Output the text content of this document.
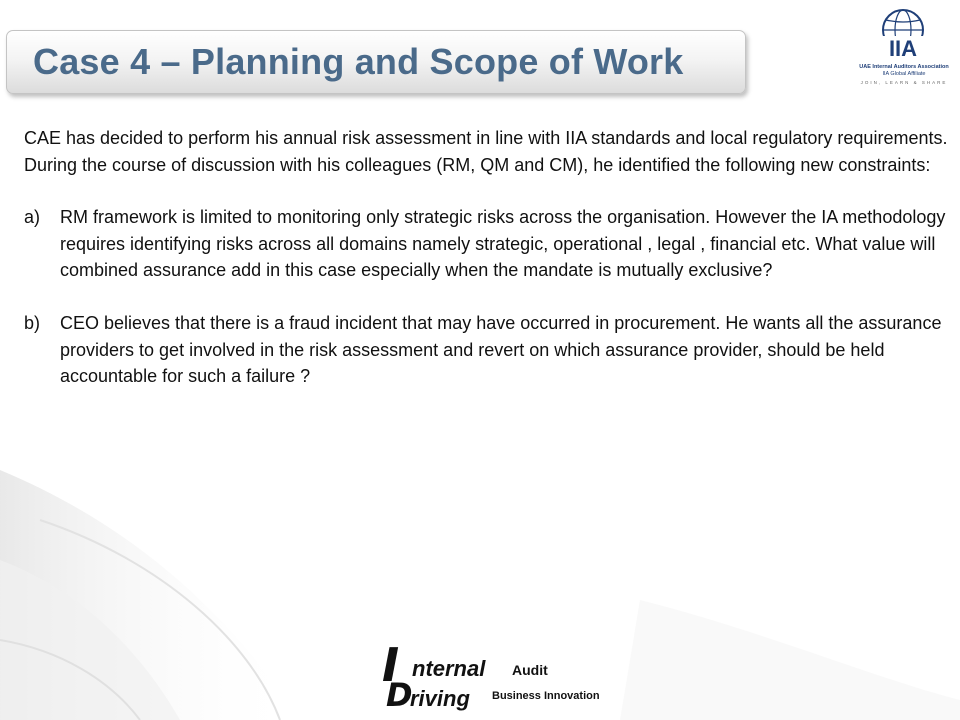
Case 4 – Planning and Scope of Work	IIA
UAE Internal Auditors Association
IIA Global Affiliate
JOIN, LEARN & SHARE

CAE has decided to perform his annual risk assessment in line with IIA standards and local regulatory requirements. During the course of discussion with his colleagues (RM, QM and CM), he identified the following new constraints:

a)	RM framework is limited to monitoring only strategic risks across the organisation. However the IA methodology requires identifying risks across all domains namely strategic, operational , legal , financial etc. What value will combined assurance add in this case especially when the mandate is mutually exclusive?
b)	CEO believes that there is a fraud incident that may have occurred in procurement. He wants all the assurance providers to get involved in the risk assessment and revert on which assurance provider, should be held accountable for such a failure ?
I nternal Audit
D
riving Business Innovation
